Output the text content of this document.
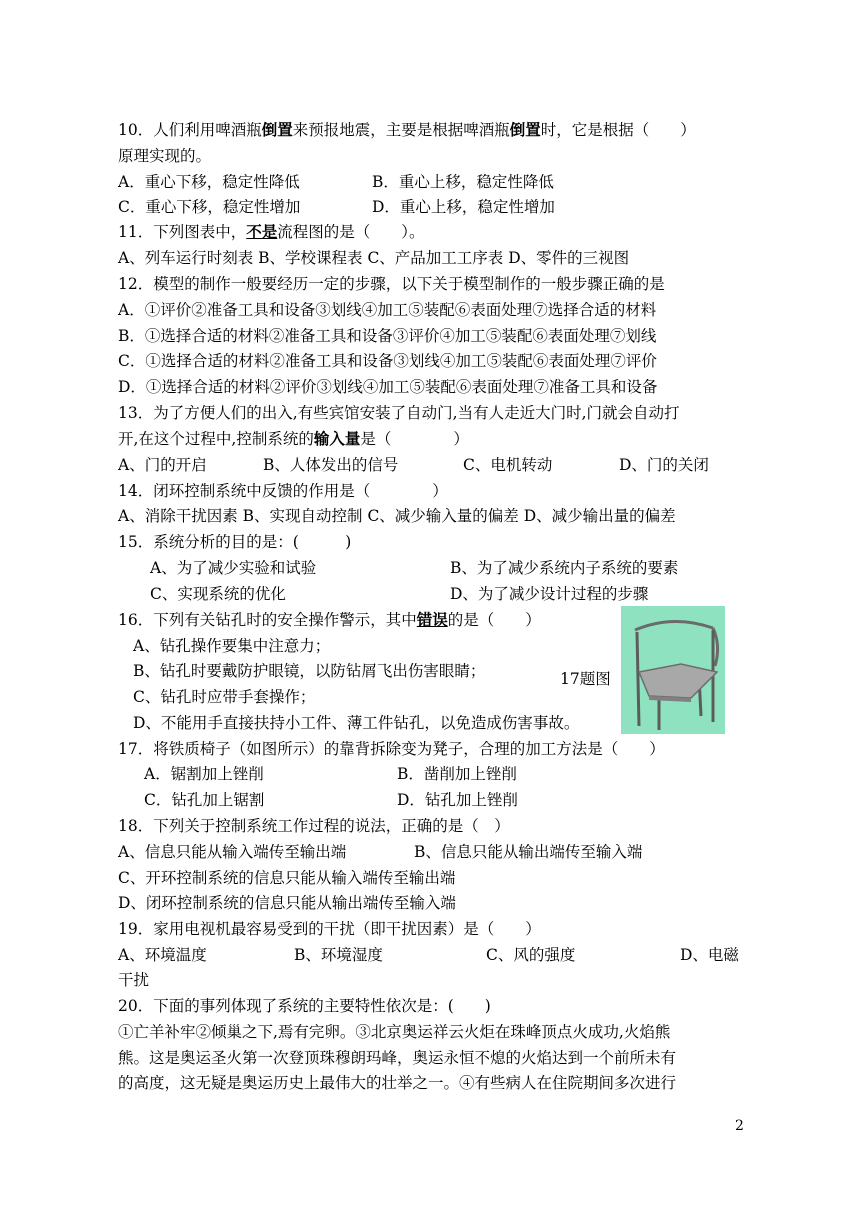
10．人们利用啤酒瓶倒置来预报地震，主要是根据啤酒瓶倒置时，它是根据（　　）
原理实现的。
A．重心下移，稳定性降低	B．重心上移，稳定性降低
C．重心下移，稳定性增加	D．重心上移，稳定性增加
11．下列图表中，不是流程图的是（　　）。
A、列车运行时刻表 B、学校课程表 C、产品加工工序表 D、零件的三视图
12．模型的制作一般要经历一定的步骤，以下关于模型制作的一般步骤正确的是
A．①评价②准备工具和设备③划线④加工⑤装配⑥表面处理⑦选择合适的材料
B．①选择合适的材料②准备工具和设备③评价④加工⑤装配⑥表面处理⑦划线
C．①选择合适的材料②准备工具和设备③划线④加工⑤装配⑥表面处理⑦评价
D．①选择合适的材料②评价③划线④加工⑤装配⑥表面处理⑦准备工具和设备
13．为了方便人们的出入,有些宾馆安装了自动门,当有人走近大门时,门就会自动打
开,在这个过程中,控制系统的输入量是（　　　　）
A、门的开启	B、人体发出的信号	C、电机转动	D、门的关闭
14．闭环控制系统中反馈的作用是（　　　　）
A、消除干扰因素 B、实现自动控制 C、减少输入量的偏差 D、减少输出量的偏差
15．系统分析的目的是：(　　　)
A、为了减少实验和试验	B、为了减少系统内子系统的要素
C、实现系统的优化	D、为了减少设计过程的步骤
16．下列有关钻孔时的安全操作警示，其中错误的是（　　）
A、钻孔操作要集中注意力；
B、钻孔时要戴防护眼镜，以防钻屑飞出伤害眼睛；
C、钻孔时应带手套操作；
D、不能用手直接扶持小工件、薄工件钻孔，以免造成伤害事故。
17题图
17．将铁质椅子（如图所示）的靠背拆除变为凳子，合理的加工方法是（　　）
A．锯割加上锉削	B．凿削加上锉削
C．钻孔加上锯割	D．钻孔加上锉削
18．下列关于控制系统工作过程的说法，正确的是（　）
A、信息只能从输入端传至输出端	B、信息只能从输出端传至输入端
C、开环控制系统的信息只能从输入端传至输出端
D、闭环控制系统的信息只能从输出端传至输入端
19．家用电视机最容易受到的干扰（即干扰因素）是（　　）
A、环境温度	B、环境湿度	C、风的强度	D、电磁
干扰
20．下面的事列体现了系统的主要特性依次是：(　　)
①亡羊补牢②倾巢之下,焉有完卵。③北京奥运祥云火炬在珠峰顶点火成功,火焰熊
熊。这是奥运圣火第一次登顶珠穆朗玛峰，奥运永恒不熄的火焰达到一个前所未有
的高度，这无疑是奥运历史上最伟大的壮举之一。④有些病人在住院期间多次进行
2
